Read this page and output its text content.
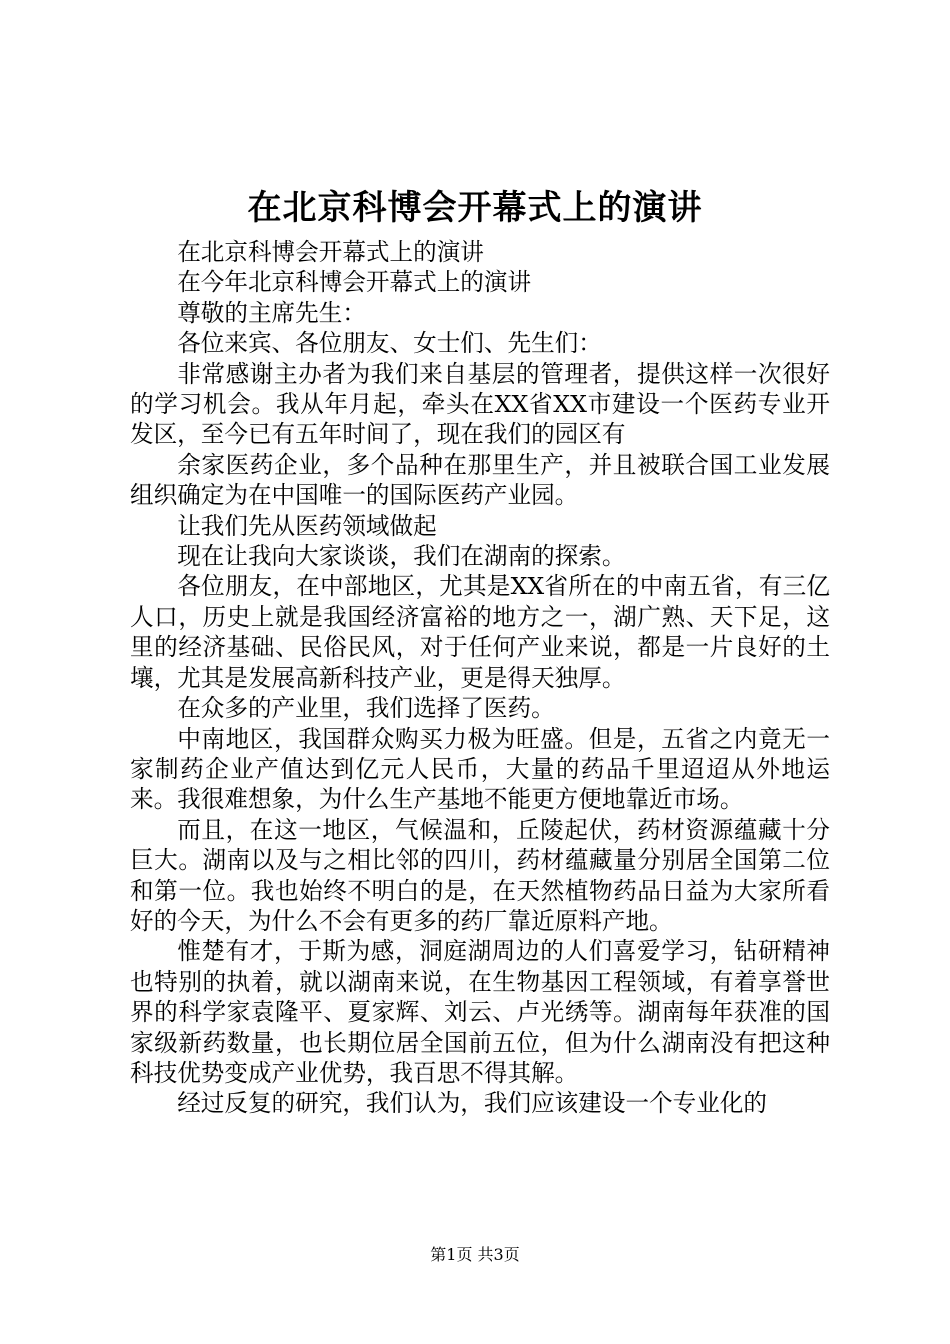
在北京科博会开幕式上的演讲

在北京科博会开幕式上的演讲

在今年北京科博会开幕式上的演讲

尊敬的主席先生：

各位来宾、各位朋友、女士们、先生们：

非常感谢主办者为我们来自基层的管理者，提供这样一次很好的学习机会。我从年月起，牵头在XX省XX市建设一个医药专业开发区，至今已有五年时间了，现在我们的园区有

余家医药企业，多个品种在那里生产，并且被联合国工业发展组织确定为在中国唯一的国际医药产业园。

让我们先从医药领域做起

现在让我向大家谈谈，我们在湖南的探索。

各位朋友，在中部地区，尤其是XX省所在的中南五省，有三亿人口，历史上就是我国经济富裕的地方之一，湖广熟、天下足，这里的经济基础、民俗民风，对于任何产业来说，都是一片良好的土壤，尤其是发展高新科技产业，更是得天独厚。

在众多的产业里，我们选择了医药。

中南地区，我国群众购买力极为旺盛。但是，五省之内竟无一家制药企业产值达到亿元人民币，大量的药品千里迢迢从外地运来。我很难想象，为什么生产基地不能更方便地靠近市场。

而且，在这一地区，气候温和，丘陵起伏，药材资源蕴藏十分巨大。湖南以及与之相比邻的四川，药材蕴藏量分别居全国第二位和第一位。我也始终不明白的是，在天然植物药品日益为大家所看好的今天，为什么不会有更多的药厂靠近原料产地。

惟楚有才，于斯为感，洞庭湖周边的人们喜爱学习，钻研精神也特别的执着，就以湖南来说，在生物基因工程领域，有着享誉世界的科学家袁隆平、夏家辉、刘云、卢光绣等。湖南每年获准的国家级新药数量，也长期位居全国前五位，但为什么湖南没有把这种科技优势变成产业优势，我百思不得其解。

经过反复的研究，我们认为，我们应该建设一个专业化的

第1页 共3页
